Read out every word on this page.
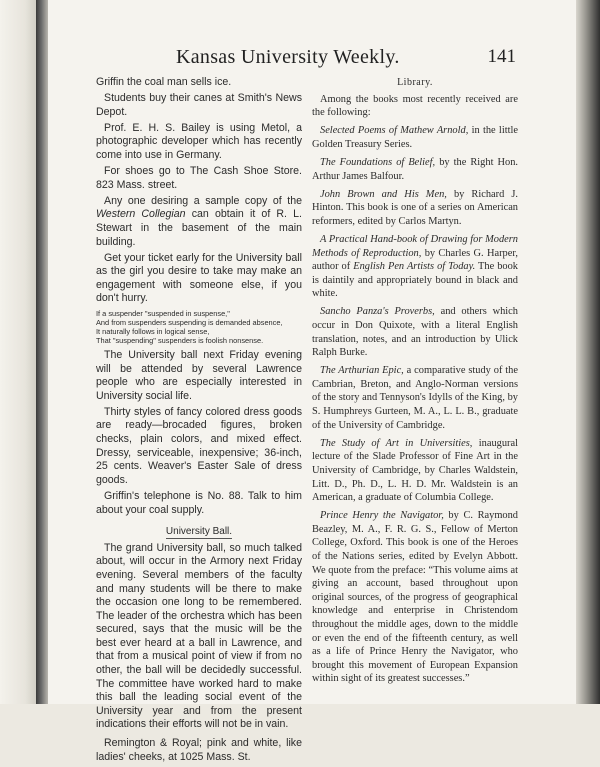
Kansas University Weekly.	141

Griffin the coal man sells ice.

Students buy their canes at Smith's News Depot.

Prof. E. H. S. Bailey is using Metol, a photographic developer which has recently come into use in Germany.

For shoes go to The Cash Shoe Store. 823 Mass. street.

Any one desiring a sample copy of the Western Collegian can obtain it of R. L. Stewart in the basement of the main building.

Get your ticket early for the University ball as the girl you desire to take may make an engagement with someone else, if you don't hurry.

If a suspender "suspended in suspense,"
And from suspenders suspending is demanded absence,
It naturally follows in logical sense,
That "suspending" suspenders is foolish nonsense.

The University ball next Friday evening will be attended by several Lawrence people who are especially interested in University social life.

Thirty styles of fancy colored dress goods are ready—brocaded figures, broken checks, plain colors, and mixed effect. Dressy, serviceable, inexpensive; 36-inch, 25 cents. Weaver's Easter Sale of dress goods.

Griffin's telephone is No. 88. Talk to him about your coal supply.

University Ball.

The grand University ball, so much talked about, will occur in the Armory next Friday evening. Several members of the faculty and many students will be there to make the occasion one long to be remembered. The leader of the orchestra which has been secured, says that the music will be the best ever heard at a ball in Lawrence, and that from a musical point of view if from no other, the ball will be decidedly successful. The committee have worked hard to make this ball the leading social event of the University year and from the present indications their efforts will not be in vain.

Remington & Royal; pink and white, like ladies' cheeks, at 1025 Mass. St.

Library.

Among the books most recently received are the following:

Selected Poems of Mathew Arnold, in the little Golden Treasury Series.

The Foundations of Belief, by the Right Hon. Arthur James Balfour.

John Brown and His Men, by Richard J. Hinton. This book is one of a series on American reformers, edited by Carlos Martyn.

A Practical Hand-book of Drawing for Modern Methods of Reproduction, by Charles G. Harper, author of English Pen Artists of Today. The book is daintily and appropriately bound in black and white.

Sancho Panza's Proverbs, and others which occur in Don Quixote, with a literal English translation, notes, and an introduction by Ulick Ralph Burke.

The Arthurian Epic, a comparative study of the Cambrian, Breton, and Anglo-Norman versions of the story and Tennyson's Idylls of the King, by S. Humphreys Gurteen, M. A., L. L. B., graduate of the University of Cambridge.

The Study of Art in Universities, inaugural lecture of the Slade Professor of Fine Art in the University of Cambridge, by Charles Waldstein, Litt. D., Ph. D., L. H. D. Mr. Waldstein is an American, a graduate of Columbia College.

Prince Henry the Navigator, by C. Raymond Beazley, M. A., F. R. G. S., Fellow of Merton College, Oxford. This book is one of the Heroes of the Nations series, edited by Evelyn Abbott. We quote from the preface: “This volume aims at giving an account, based throughout upon original sources, of the progress of geographical knowledge and enterprise in Christendom throughout the middle ages, down to the middle or even the end of the fifteenth century, as well as a life of Prince Henry the Navigator, who brought this movement of European Expansion within sight of its greatest successes.”
